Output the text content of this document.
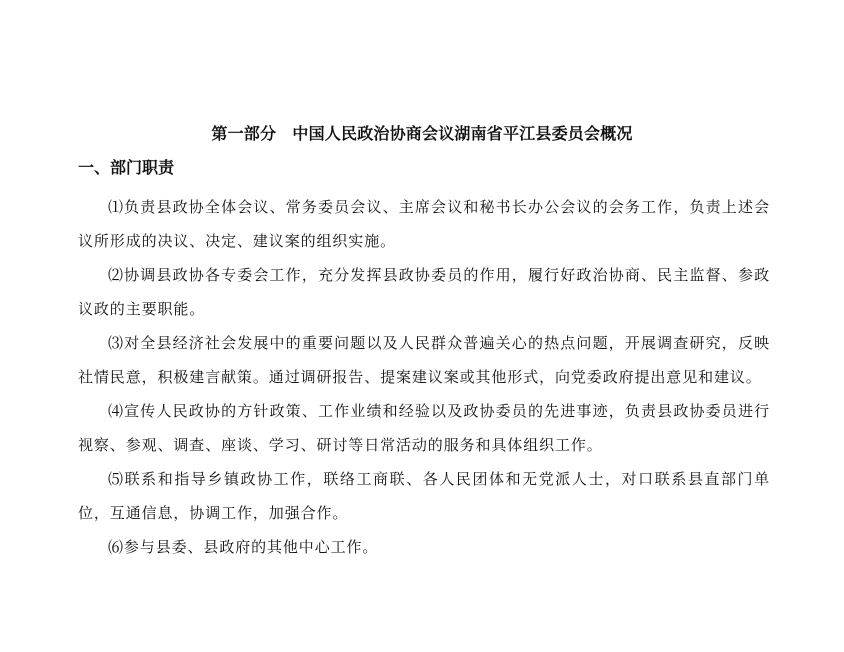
第一部分　中国人民政治协商会议湖南省平江县委员会概况
一、部门职责
⑴负责县政协全体会议、常务委员会议、主席会议和秘书长办公会议的会务工作，负责上述会议所形成的决议、决定、建议案的组织实施。
⑵协调县政协各专委会工作，充分发挥县政协委员的作用，履行好政治协商、民主监督、参政议政的主要职能。
⑶对全县经济社会发展中的重要问题以及人民群众普遍关心的热点问题，开展调查研究，反映社情民意，积极建言献策。通过调研报告、提案建议案或其他形式，向党委政府提出意见和建议。
⑷宣传人民政协的方针政策、工作业绩和经验以及政协委员的先进事迹，负责县政协委员进行视察、参观、调查、座谈、学习、研讨等日常活动的服务和具体组织工作。
⑸联系和指导乡镇政协工作，联络工商联、各人民团体和无党派人士，对口联系县直部门单位，互通信息，协调工作，加强合作。
⑹参与县委、县政府的其他中心工作。
